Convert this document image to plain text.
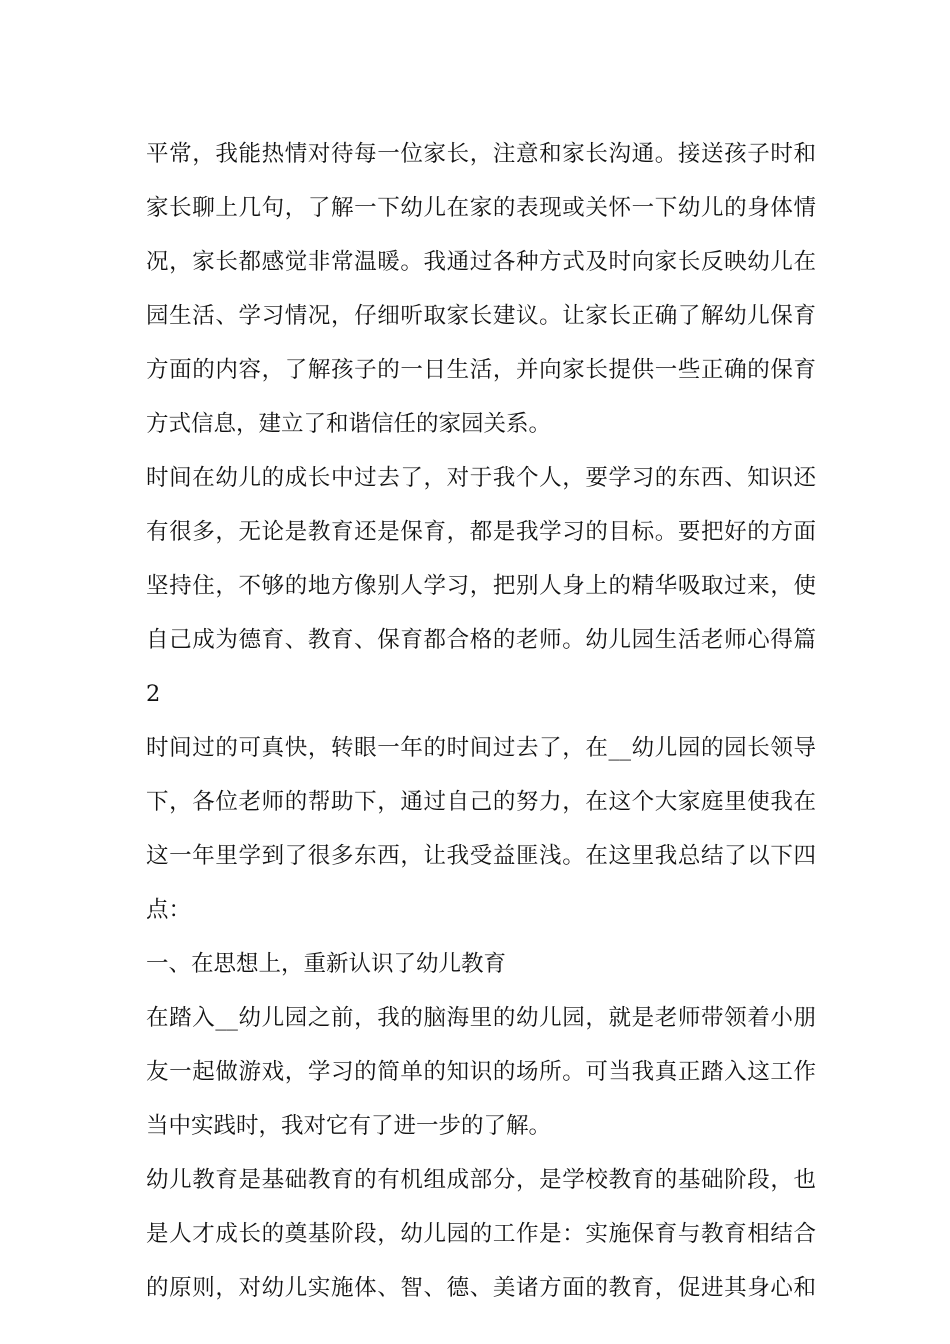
平常，我能热情对待每一位家长，注意和家长沟通。接送孩子时和
家长聊上几句，了解一下幼儿在家的表现或关怀一下幼儿的身体情
况，家长都感觉非常温暖。我通过各种方式及时向家长反映幼儿在
园生活、学习情况，仔细听取家长建议。让家长正确了解幼儿保育
方面的内容，了解孩子的一日生活，并向家长提供一些正确的保育
方式信息，建立了和谐信任的家园关系。
时间在幼儿的成长中过去了，对于我个人，要学习的东西、知识还
有很多，无论是教育还是保育，都是我学习的目标。要把好的方面
坚持住，不够的地方像别人学习，把别人身上的精华吸取过来，使
自己成为德育、教育、保育都合格的老师。幼儿园生活老师心得篇
2
时间过的可真快，转眼一年的时间过去了，在__幼儿园的园长领导
下，各位老师的帮助下，通过自己的努力，在这个大家庭里使我在
这一年里学到了很多东西，让我受益匪浅。在这里我总结了以下四
点：
一、在思想上，重新认识了幼儿教育
在踏入__幼儿园之前，我的脑海里的幼儿园，就是老师带领着小朋
友一起做游戏，学习的简单的知识的场所。可当我真正踏入这工作
当中实践时，我对它有了进一步的了解。
幼儿教育是基础教育的有机组成部分，是学校教育的基础阶段，也
是人才成长的奠基阶段，幼儿园的工作是：实施保育与教育相结合
的原则，对幼儿实施体、智、德、美诸方面的教育，促进其身心和
